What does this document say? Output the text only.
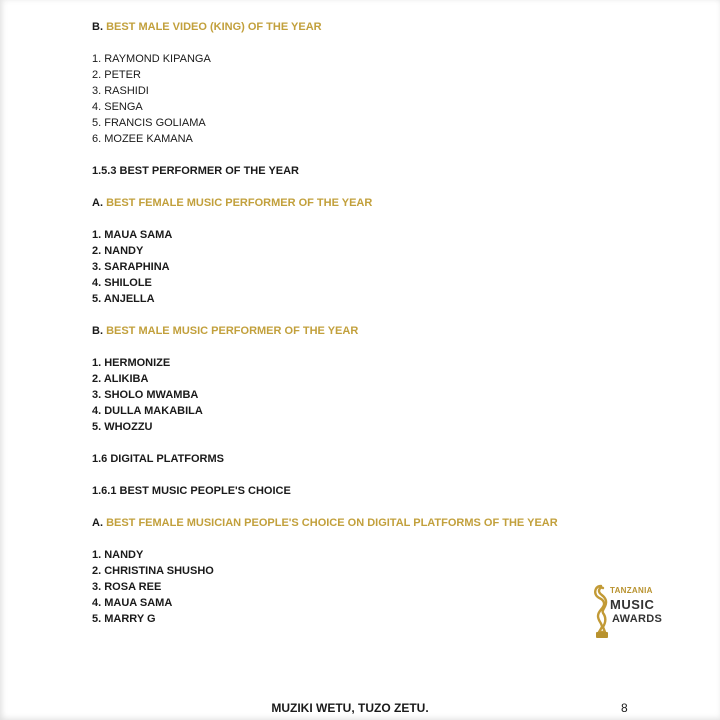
B. BEST MALE VIDEO (KING) OF THE YEAR
1. RAYMOND KIPANGA
2. PETER
3. RASHIDI
4. SENGA
5. FRANCIS GOLIAMA
6. MOZEE KAMANA
1.5.3 BEST PERFORMER OF THE YEAR
A. BEST FEMALE MUSIC PERFORMER OF THE YEAR
1. MAUA SAMA
2. NANDY
3. SARAPHINA
4. SHILOLE
5. ANJELLA
B. BEST MALE MUSIC PERFORMER OF THE YEAR
1. HERMONIZE
2. ALIKIBA
3. SHOLO MWAMBA
4. DULLA MAKABILA
5. WHOZZU
1.6 DIGITAL PLATFORMS
1.6.1 BEST MUSIC PEOPLE'S CHOICE
A. BEST FEMALE MUSICIAN PEOPLE'S CHOICE ON DIGITAL PLATFORMS OF THE YEAR
1. NANDY
2. CHRISTINA SHUSHO
3. ROSA REE
4. MAUA SAMA
5. MARRY G
TANZANIA
MUSIC
AWARDS
MUZIKI WETU, TUZO ZETU.	8
